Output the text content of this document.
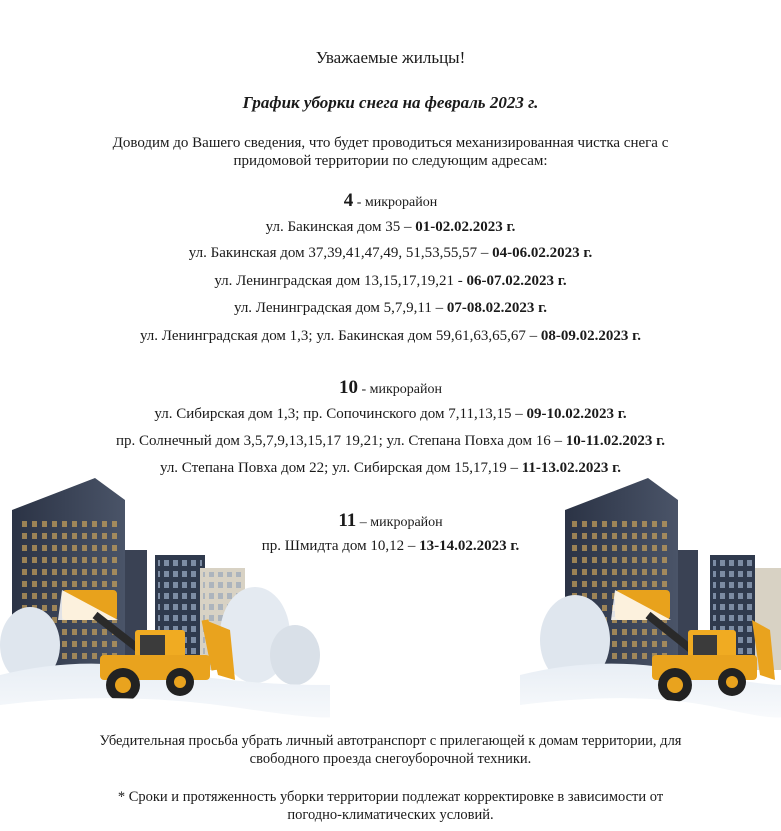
Уважаемые жильцы!
График уборки снега на февраль 2023 г.
Доводим до Вашего сведения, что будет проводиться механизированная чистка снега с
придомовой территории по следующим адресам:
4 - микрорайон
ул. Бакинская дом 35 – 01-02.02.2023 г.
ул. Бакинская дом 37,39,41,47,49, 51,53,55,57 – 04-06.02.2023 г.
ул. Ленинградская дом 13,15,17,19,21 - 06-07.02.2023 г.
ул. Ленинградская дом 5,7,9,11 – 07-08.02.2023 г.
ул. Ленинградская дом 1,3; ул. Бакинская дом 59,61,63,65,67 – 08-09.02.2023 г.
10 - микрорайон
ул. Сибирская дом 1,3; пр. Сопочинского дом 7,11,13,15 – 09-10.02.2023 г.
пр. Солнечный дом 3,5,7,9,13,15,17 19,21; ул. Степана Повха дом 16 – 10-11.02.2023 г.
ул. Степана Повха дом 22; ул. Сибирская дом 15,17,19 – 11-13.02.2023 г.
11 – микрорайон
пр. Шмидта дом 10,12 – 13-14.02.2023 г.
Убедительная просьба убрать личный автотранспорт с прилегающей к домам территории, для
свободного проезда снегоуборочной техники.
* Сроки и протяженность уборки территории подлежат корректировке в зависимости от
погодно-климатических условий.
